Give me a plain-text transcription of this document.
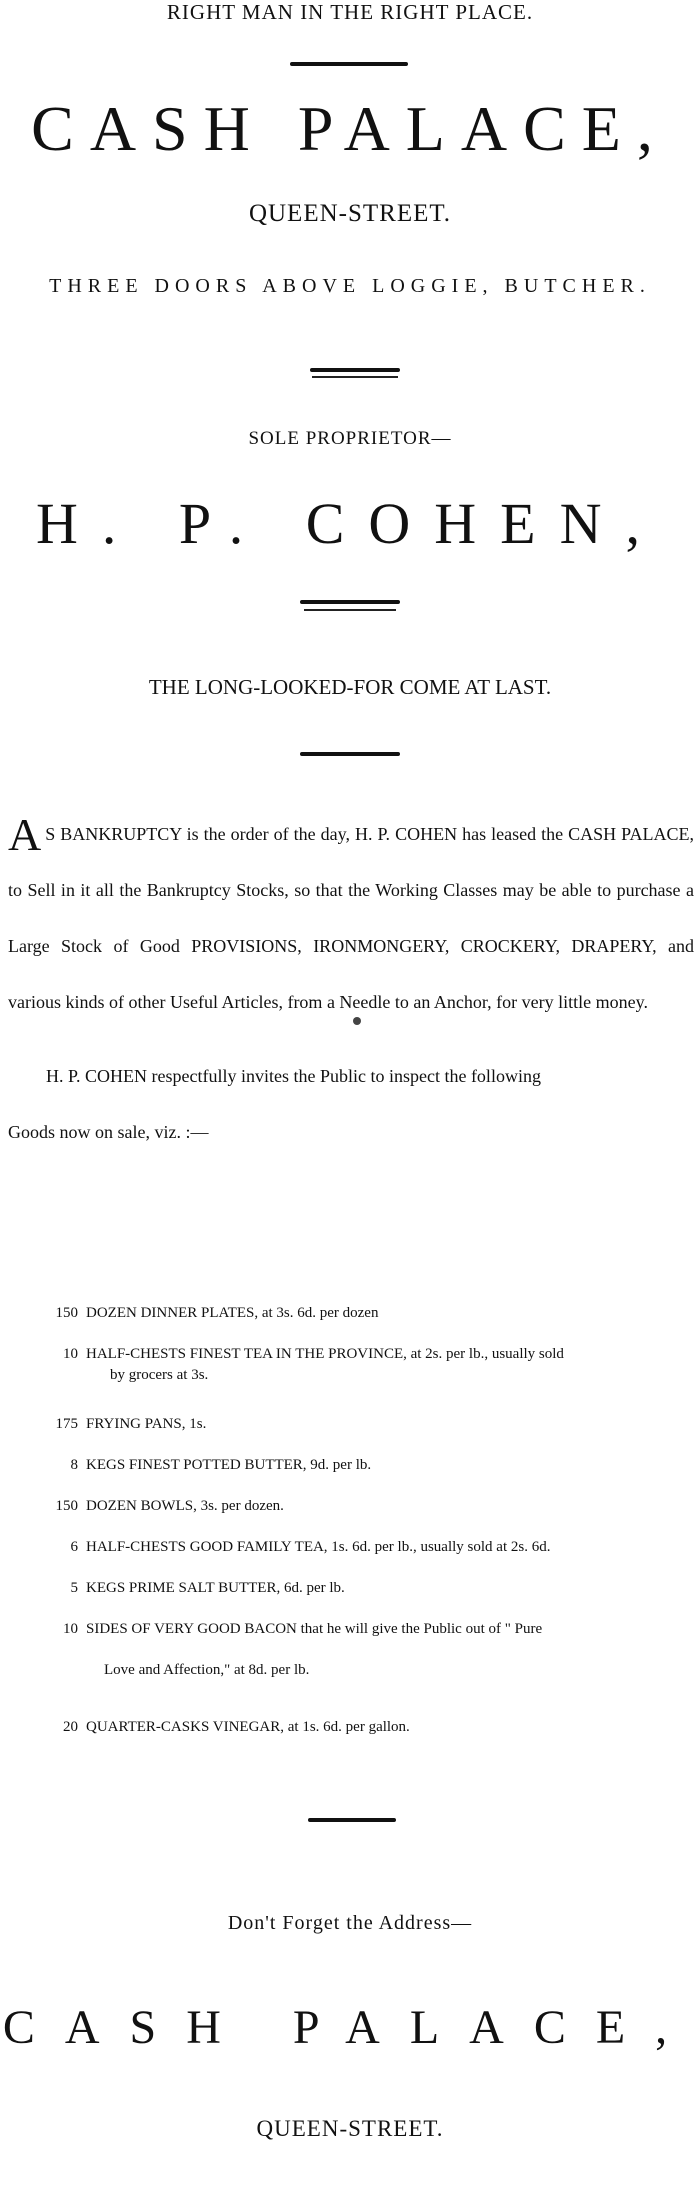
RIGHT MAN IN THE RIGHT PLACE.
CASH PALACE,
QUEEN-STREET.
THREE DOORS ABOVE LOGGIE, BUTCHER.
SOLE PROPRIETOR—
H. P. COHEN,
THE LONG-LOOKED-FOR COME AT LAST.
A S BANKRUPTCY is the order of the day, H. P. COHEN has leased the CASH PALACE, to Sell in it all the Bankruptcy Stocks, so that the Working Classes may be able to purchase a Large Stock of Good PROVISIONS, IRONMONGERY, CROCKERY, DRAPERY, and various kinds of other Useful Articles, from a Needle to an Anchor, for very little money.
H. P. COHEN respectfully invites the Public to inspect the following
Goods now on sale, viz. :—
150 DOZEN DINNER PLATES, at 3s. 6d. per dozen
10 HALF-CHESTS FINEST TEA IN THE PROVINCE, at 2s. per lb., usually sold
by grocers at 3s.
175 FRYING PANS, 1s.
8 KEGS FINEST POTTED BUTTER, 9d. per lb.
150 DOZEN BOWLS, 3s. per dozen.
6 HALF-CHESTS GOOD FAMILY TEA, 1s. 6d. per lb., usually sold at 2s. 6d.
5 KEGS PRIME SALT BUTTER, 6d. per lb.
10 SIDES OF VERY GOOD BACON that he will give the Public out of " Pure
Love and Affection," at 8d. per lb.
20 QUARTER-CASKS VINEGAR, at 1s. 6d. per gallon.
Don't Forget the Address—
CASH PALACE,
QUEEN-STREET.
